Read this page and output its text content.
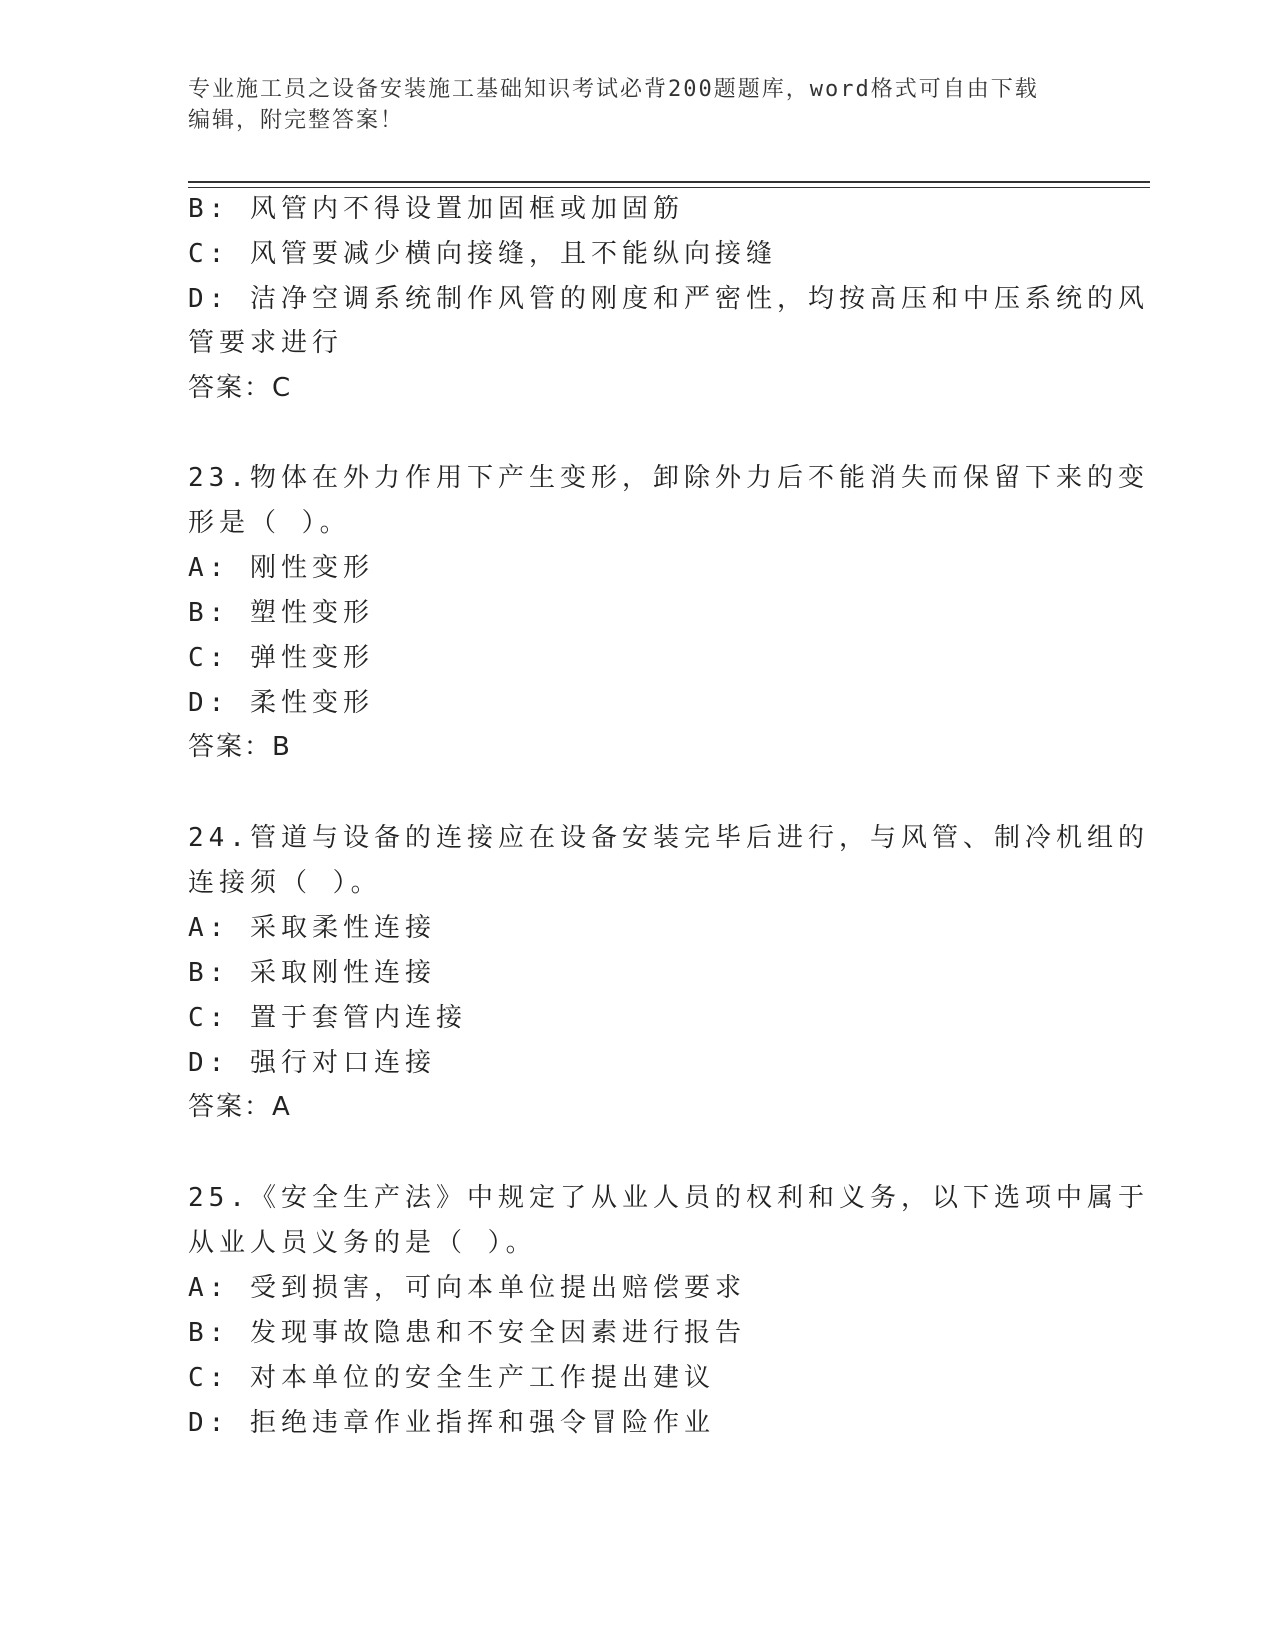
专业施工员之设备安装施工基础知识考试必背200题题库，word格式可自由下载
编辑，附完整答案！
B: 风管内不得设置加固框或加固筋
C: 风管要减少横向接缝，且不能纵向接缝
D: 洁净空调系统制作风管的刚度和严密性，均按高压和中压系统的风
管要求进行
答案：C
23.物体在外力作用下产生变形，卸除外力后不能消失而保留下来的变
形是（ ）。
A: 刚性变形
B: 塑性变形
C: 弹性变形
D: 柔性变形
答案：B
24.管道与设备的连接应在设备安装完毕后进行，与风管、制冷机组的
连接须（ ）。
A: 采取柔性连接
B: 采取刚性连接
C: 置于套管内连接
D: 强行对口连接
答案：A
25.《安全生产法》中规定了从业人员的权利和义务，以下选项中属于
从业人员义务的是（ ）。
A: 受到损害，可向本单位提出赔偿要求
B: 发现事故隐患和不安全因素进行报告
C: 对本单位的安全生产工作提出建议
D: 拒绝违章作业指挥和强令冒险作业
